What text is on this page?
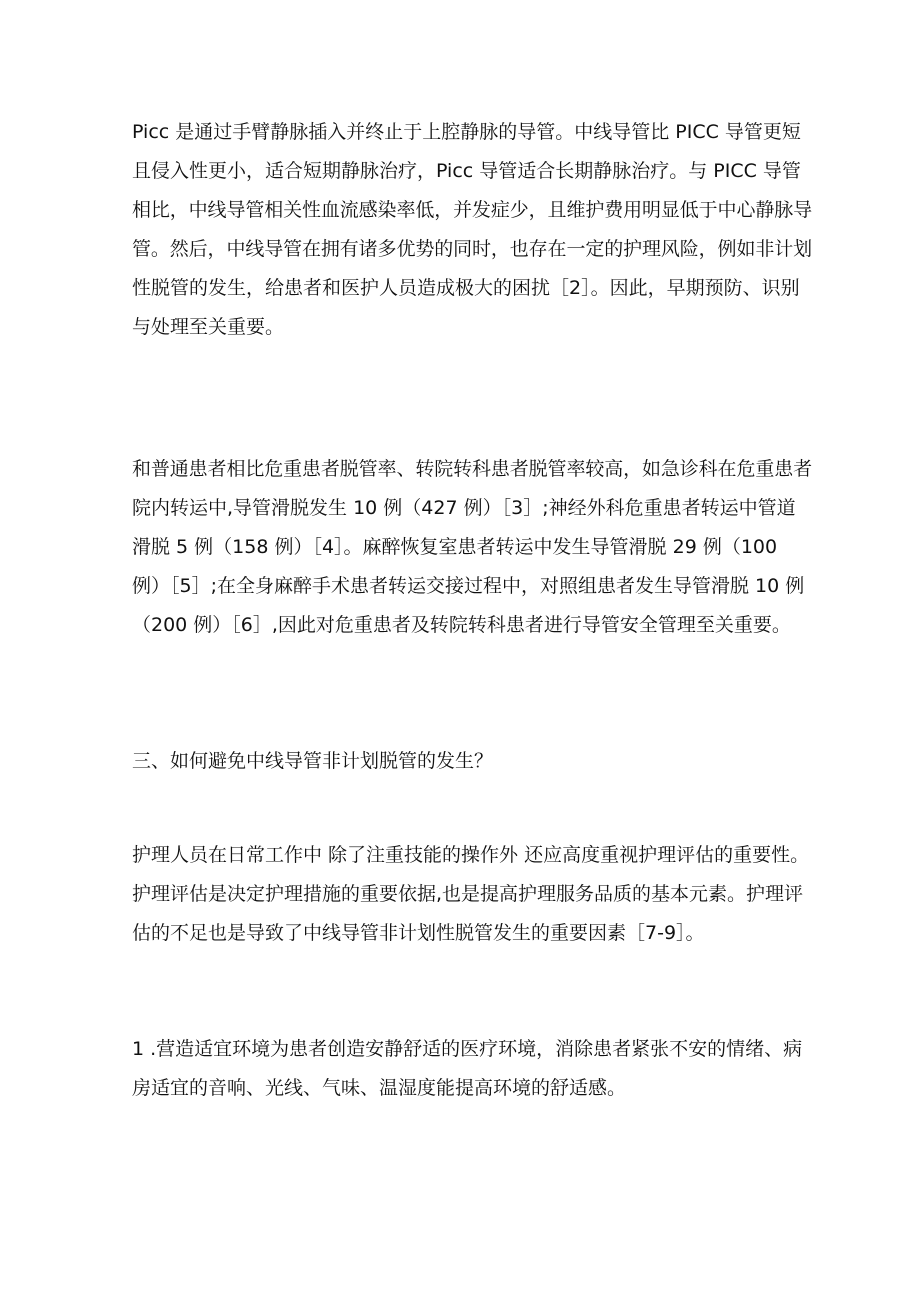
Picc 是通过手臂静脉插入并终止于上腔静脉的导管。中线导管比 PICC 导管更短
且侵入性更小，适合短期静脉治疗，Picc 导管适合长期静脉治疗。与 PICC 导管
相比，中线导管相关性血流感染率低，并发症少，且维护费用明显低于中心静脉导
管。然后，中线导管在拥有诸多优势的同时，也存在一定的护理风险，例如非计划
性脱管的发生，给患者和医护人员造成极大的困扰［2］。因此，早期预防、识别
与处理至关重要。

和普通患者相比危重患者脱管率、转院转科患者脱管率较高，如急诊科在危重患者
院内转运中,导管滑脱发生 10 例（427 例）［3］;神经外科危重患者转运中管道
滑脱 5 例（158 例）［4］。麻醉恢复室患者转运中发生导管滑脱 29 例（100
例）［5］;在全身麻醉手术患者转运交接过程中，对照组患者发生导管滑脱 10 例
（200 例）［6］,因此对危重患者及转院转科患者进行导管安全管理至关重要。

三、如何避免中线导管非计划脱管的发生？

护理人员在日常工作中 除了注重技能的操作外 还应高度重视护理评估的重要性。
护理评估是决定护理措施的重要依据,也是提高护理服务品质的基本元素。护理评
估的不足也是导致了中线导管非计划性脱管发生的重要因素［7-9］。

1 .营造适宜环境为患者创造安静舒适的医疗环境，消除患者紧张不安的情绪、病
房适宜的音响、光线、气味、温湿度能提高环境的舒适感。
